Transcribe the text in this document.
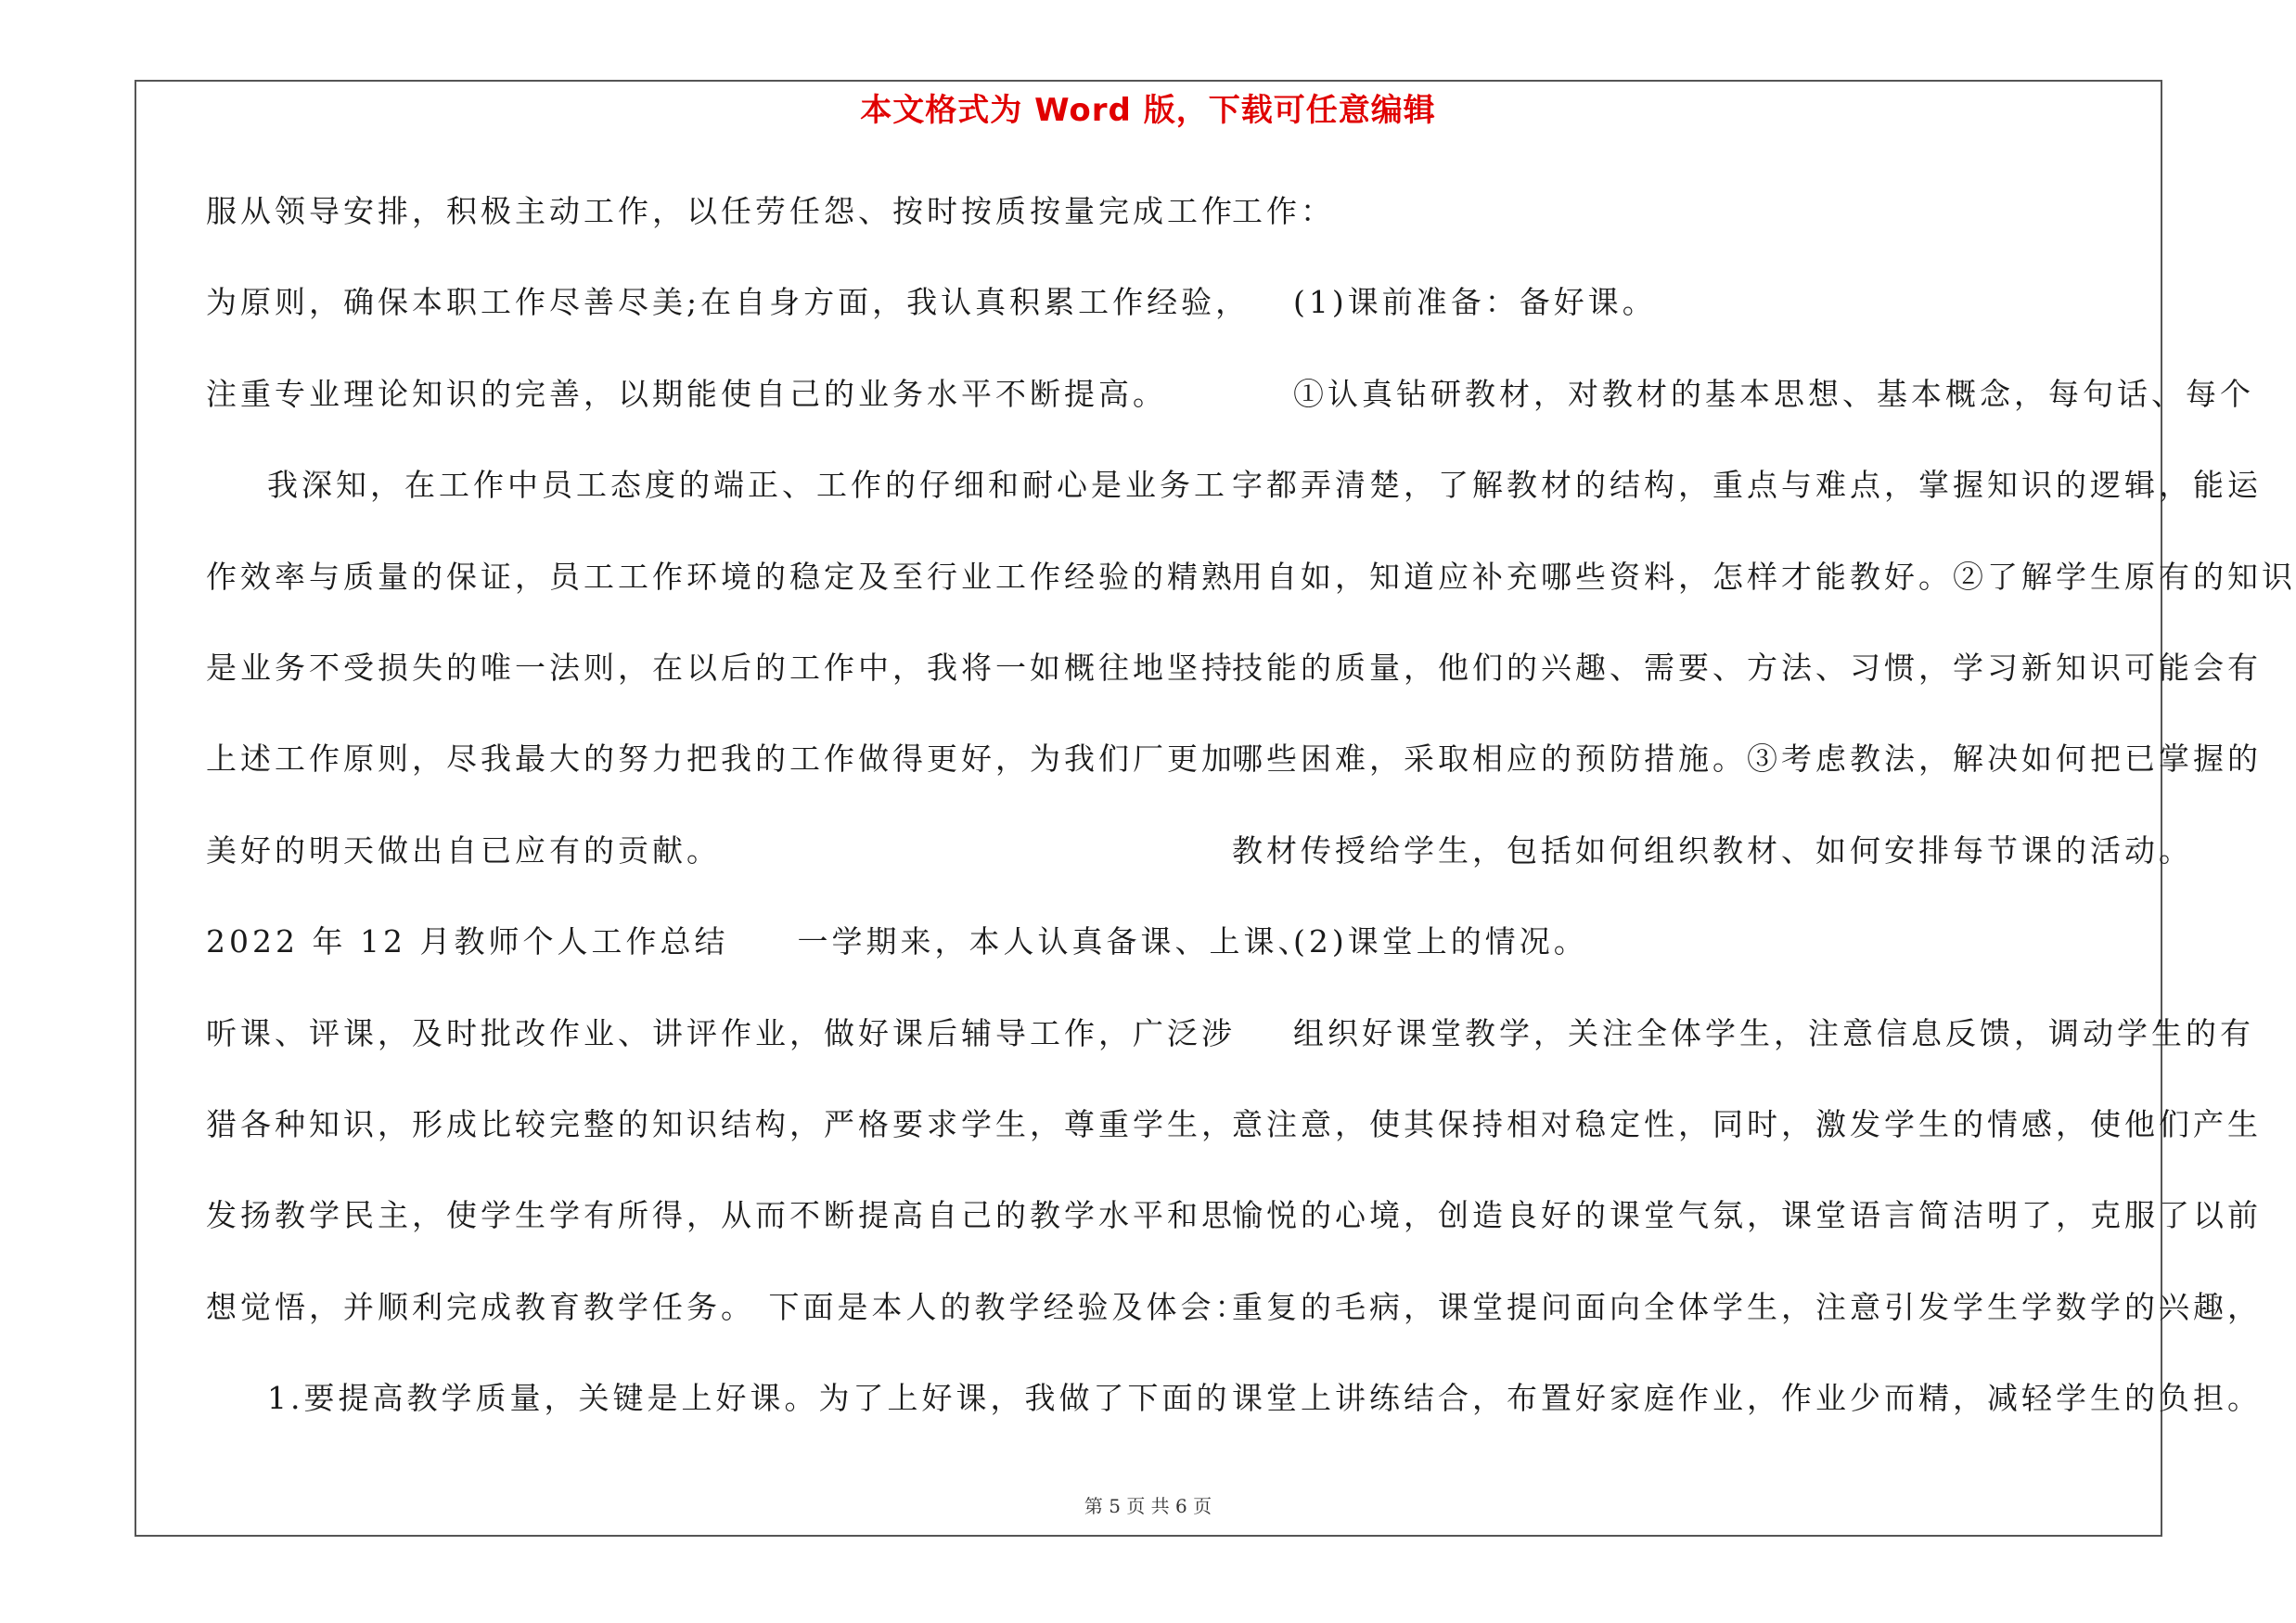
本文格式为 Word 版，下载可任意编辑
服从领导安排，积极主动工作，以任劳任怨、按时按质按量完成工作
为原则，确保本职工作尽善尽美;在自身方面，我认真积累工作经验，
注重专业理论知识的完善，以期能使自己的业务水平不断提高。
我深知，在工作中员工态度的端正、工作的仔细和耐心是业务工
作效率与质量的保证，员工工作环境的稳定及至行业工作经验的精熟
是业务不受损失的唯一法则，在以后的工作中，我将一如概往地坚持
上述工作原则，尽我最大的努力把我的工作做得更好，为我们厂更加
美好的明天做出自已应有的贡献。
2022 年 12 月教师个人工作总结　　一学期来，本人认真备课、上课、
听课、评课，及时批改作业、讲评作业，做好课后辅导工作，广泛涉
猎各种知识，形成比较完整的知识结构，严格要求学生，尊重学生，
发扬教学民主，使学生学有所得，从而不断提高自己的教学水平和思
想觉悟，并顺利完成教育教学任务。 下面是本人的教学经验及体会：
1.要提高教学质量，关键是上好课。为了上好课，我做了下面的
工作：
(1)课前准备：备好课。
①认真钻研教材，对教材的基本思想、基本概念，每句话、每个
字都弄清楚，了解教材的结构，重点与难点，掌握知识的逻辑，能运
用自如，知道应补充哪些资料，怎样才能教好。②了解学生原有的知识
技能的质量，他们的兴趣、需要、方法、习惯，学习新知识可能会有
哪些困难，采取相应的预防措施。③考虑教法，解决如何把已掌握的
教材传授给学生，包括如何组织教材、如何安排每节课的活动。
(2)课堂上的情况。
组织好课堂教学，关注全体学生，注意信息反馈，调动学生的有
意注意，使其保持相对稳定性，同时，激发学生的情感，使他们产生
愉悦的心境，创造良好的课堂气氛，课堂语言简洁明了，克服了以前
重复的毛病，课堂提问面向全体学生，注意引发学生学数学的兴趣，
课堂上讲练结合，布置好家庭作业，作业少而精，减轻学生的负担。
第 5 页 共 6 页
